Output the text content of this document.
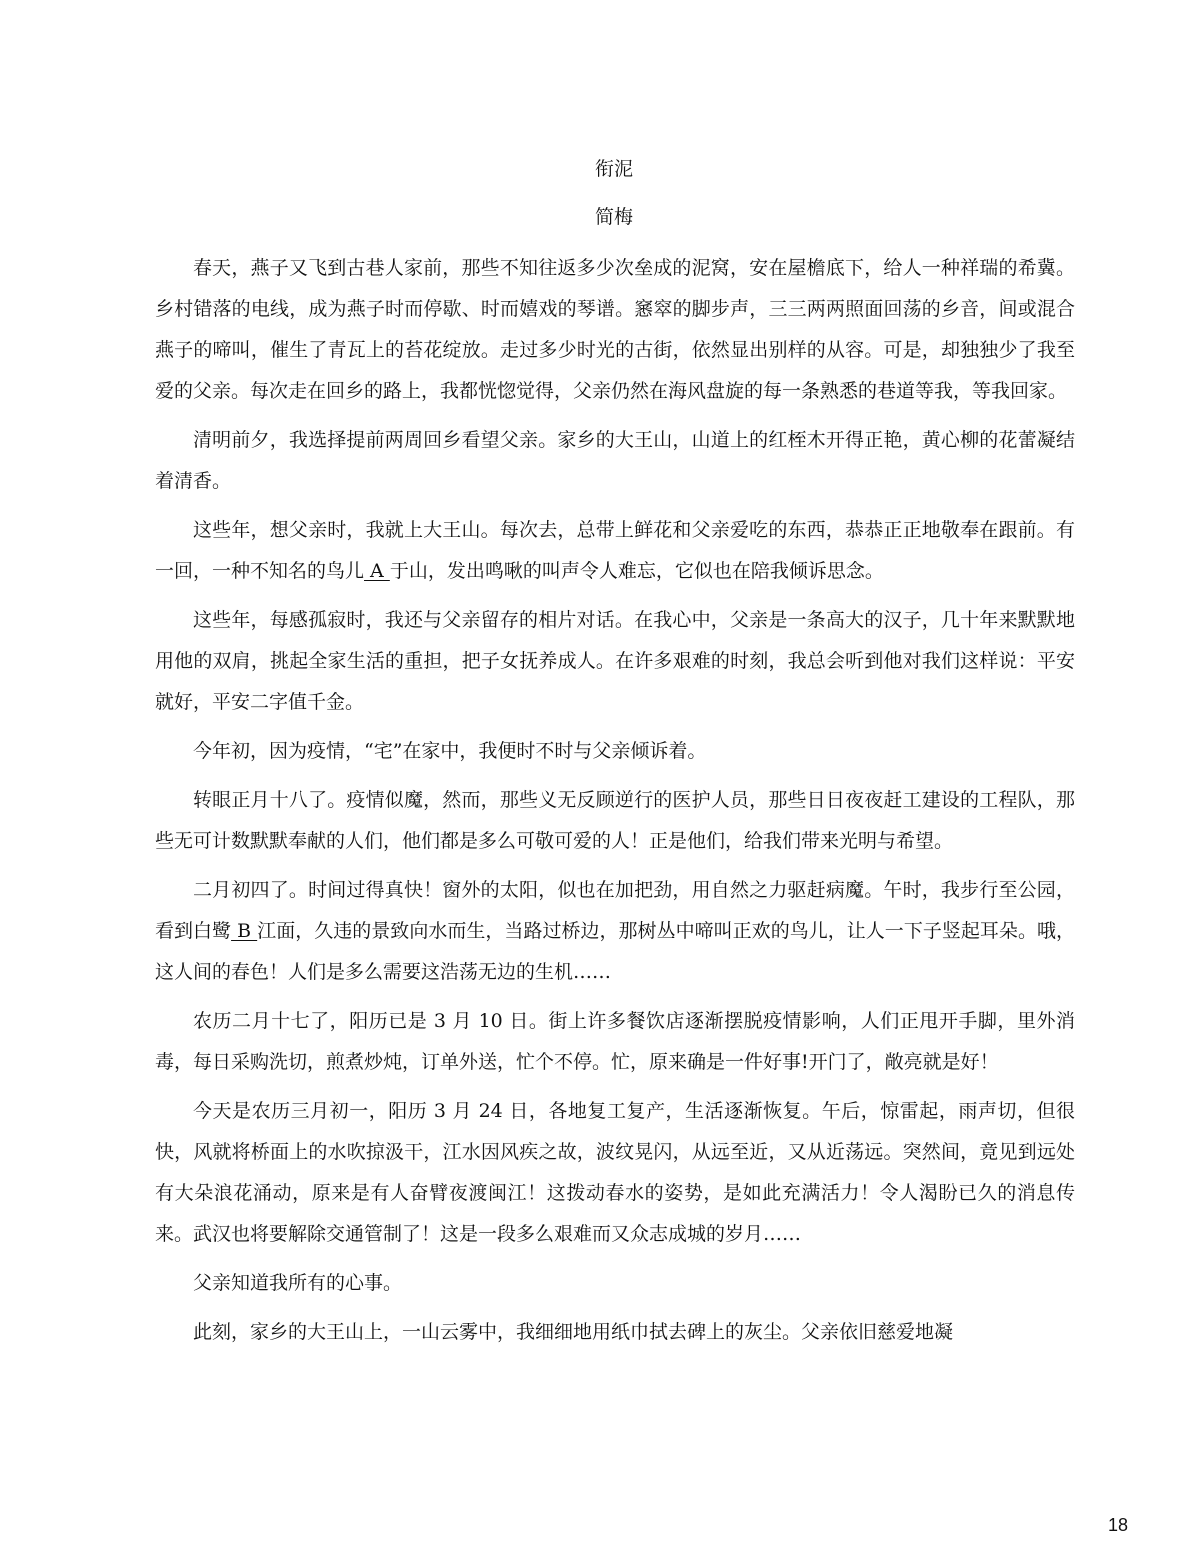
衔泥
简梅

春天，燕子又飞到古巷人家前，那些不知往返多少次垒成的泥窝，安在屋檐底下，给人一种祥瑞的希冀。乡村错落的电线，成为燕子时而停歇、时而嬉戏的琴谱。窸窣的脚步声，三三两两照面回荡的乡音，间或混合燕子的啼叫，催生了青瓦上的苔花绽放。走过多少时光的古街，依然显出别样的从容。可是，却独独少了我至爱的父亲。每次走在回乡的路上，我都恍惚觉得，父亲仍然在海风盘旋的每一条熟悉的巷道等我，等我回家。

清明前夕，我选择提前两周回乡看望父亲。家乡的大王山，山道上的红桎木开得正艳，黄心柳的花蕾凝结着清香。

这些年，想父亲时，我就上大王山。每次去，总带上鲜花和父亲爱吃的东西，恭恭正正地敬奉在跟前。有一回，一种不知名的鸟儿 A 于山，发出鸣啾的叫声令人难忘，它似也在陪我倾诉思念。

这些年，每感孤寂时，我还与父亲留存的相片对话。在我心中，父亲是一条高大的汉子，几十年来默默地用他的双肩，挑起全家生活的重担，把子女抚养成人。在许多艰难的时刻，我总会听到他对我们这样说：平安就好，平安二字值千金。

今年初，因为疫情，“宅”在家中，我便时不时与父亲倾诉着。

转眼正月十八了。疫情似魔，然而，那些义无反顾逆行的医护人员，那些日日夜夜赶工建设的工程队，那些无可计数默默奉献的人们，他们都是多么可敬可爱的人！正是他们，给我们带来光明与希望。

二月初四了。时间过得真快！窗外的太阳，似也在加把劲，用自然之力驱赶病魔。午时，我步行至公园，看到白鹭 B 江面，久违的景致向水而生，当路过桥边，那树丛中啼叫正欢的鸟儿，让人一下子竖起耳朵。哦，这人间的春色！人们是多么需要这浩荡无边的生机……

农历二月十七了，阳历已是 3 月 10 日。街上许多餐饮店逐渐摆脱疫情影响，人们正甩开手脚，里外消毒，每日采购洗切，煎煮炒炖，订单外送，忙个不停。忙，原来确是一件好事!开门了，敞亮就是好！

今天是农历三月初一，阳历 3 月 24 日，各地复工复产，生活逐渐恢复。午后，惊雷起，雨声切，但很快，风就将桥面上的水吹掠汲干，江水因风疾之故，波纹晃闪，从远至近，又从近荡远。突然间，竟见到远处有大朵浪花涌动，原来是有人奋臂夜渡闽江！这拨动春水的姿势，是如此充满活力！令人渴盼已久的消息传来。武汉也将要解除交通管制了！这是一段多么艰难而又众志成城的岁月……

父亲知道我所有的心事。

此刻，家乡的大王山上，一山云雾中，我细细地用纸巾拭去碑上的灰尘。父亲依旧慈爱地凝

18
